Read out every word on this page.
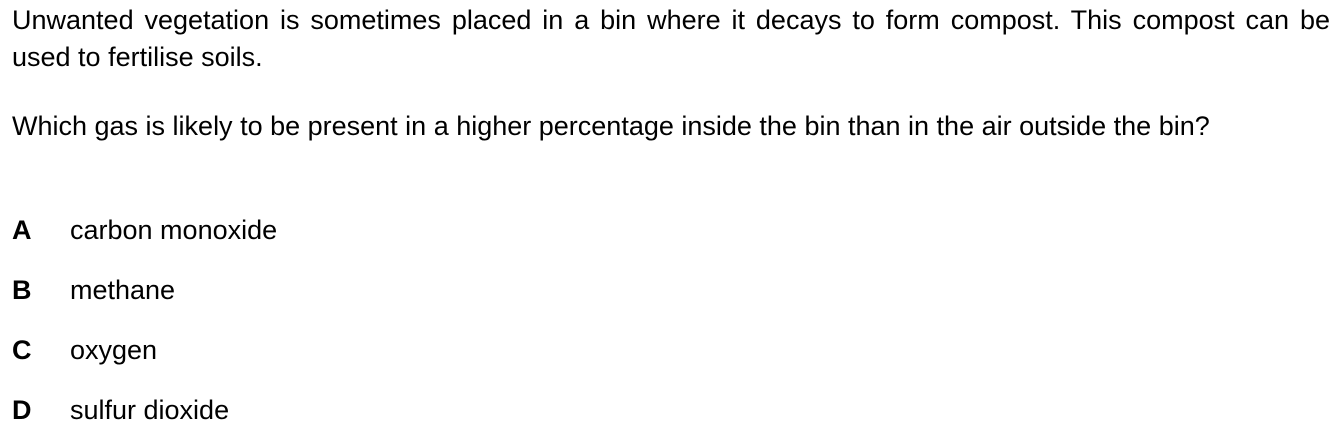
Unwanted vegetation is sometimes placed in a bin where it decays to form compost. This compost can be used to fertilise soils.

Which gas is likely to be present in a higher percentage inside the bin than in the air outside the bin?

A	carbon monoxide
B	methane
C	oxygen
D	sulfur dioxide
